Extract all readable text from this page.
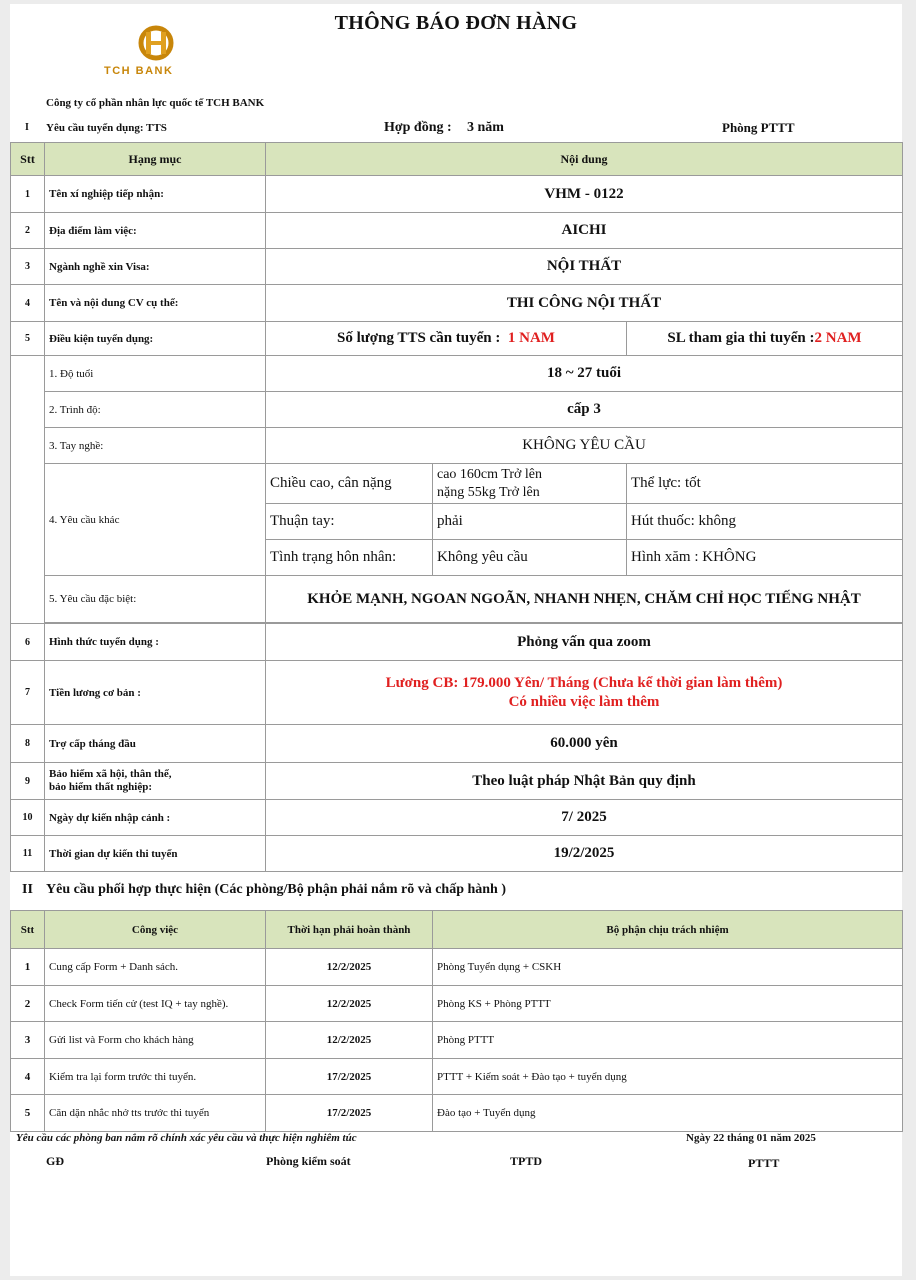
THÔNG BÁO ĐƠN HÀNG
TCH BANK
Công ty cổ phần nhân lực quốc tế TCH BANK
I Yêu cầu tuyển dụng: TTS	Hợp đồng : 3 năm	Phòng PTTT
Stt	Hạng mục	Nội dung		
1	Tên xí nghiệp tiếp nhận:	VHM - 0122		
2	Địa điểm làm việc:	AICHI		
3	Ngành nghề xin Visa:	NỘI THẤT		
4	Tên và nội dung CV cụ thể:	THI CÔNG NỘI THẤT		
5	Điều kiện tuyển dụng:	Số lượng TTS cần tuyển : 1 NAM		SL tham gia thi tuyển :2 NAM
	1. Độ tuổi	18 ~ 27 tuổi		
	2. Trình độ:	cấp 3		
	3. Tay nghề:	KHÔNG YÊU CẦU		
	4. Yêu cầu khác	Chiều cao, cân nặng	cao 160cm Trở lên
nặng 55kg Trở lên	Thể lực: tốt
		Thuận tay:	phải	Hút thuốc: không
		Tình trạng hôn nhân:	Không yêu cầu	Hình xăm : KHÔNG
	5. Yêu cầu đặc biệt:	KHỎE MẠNH, NGOAN NGOÃN, NHANH NHẸN, CHĂM CHỈ HỌC TIẾNG NHẬT		

6	Hình thức tuyển dụng :	Phỏng vấn qua zoom		
7	Tiền lương cơ bản :	Lương CB: 179.000 Yên/ Tháng (Chưa kể thời gian làm thêm)
Có nhiều việc làm thêm		

8	Trợ cấp tháng đầu	60.000 yên		
9	Bảo hiểm xã hội, thân thể,
bảo hiểm thất nghiệp:	Theo luật pháp Nhật Bản quy định		
10	Ngày dự kiến nhập cảnh :	7/ 2025		
11	Thời gian dự kiến thi tuyển	19/2/2025		
II Yêu cầu phối hợp thực hiện (Các phòng/Bộ phận phải nắm rõ và chấp hành )
Stt	Công việc	Thời hạn phải hoàn thành	Bộ phận chịu trách nhiệm
1	Cung cấp Form + Danh sách.	12/2/2025	Phòng Tuyển dụng + CSKH
2	Check Form tiến cử (test IQ + tay nghề).	12/2/2025	Phòng KS + Phòng PTTT
3	Gửi list và Form cho khách hàng	12/2/2025	Phòng PTTT
4	Kiểm tra lại form trước thi tuyển.	17/2/2025	PTTT + Kiểm soát + Đào tạo + tuyển dụng
5	Căn dặn nhắc nhở tts trước thi tuyển	17/2/2025	Đào tạo + Tuyển dụng
Yêu cầu các phòng ban nắm rõ chính xác yêu cầu và thực hiện nghiêm túc	Ngày 22 tháng 01 năm 2025
GĐ	Phòng kiểm soát	TPTD	PTTT
